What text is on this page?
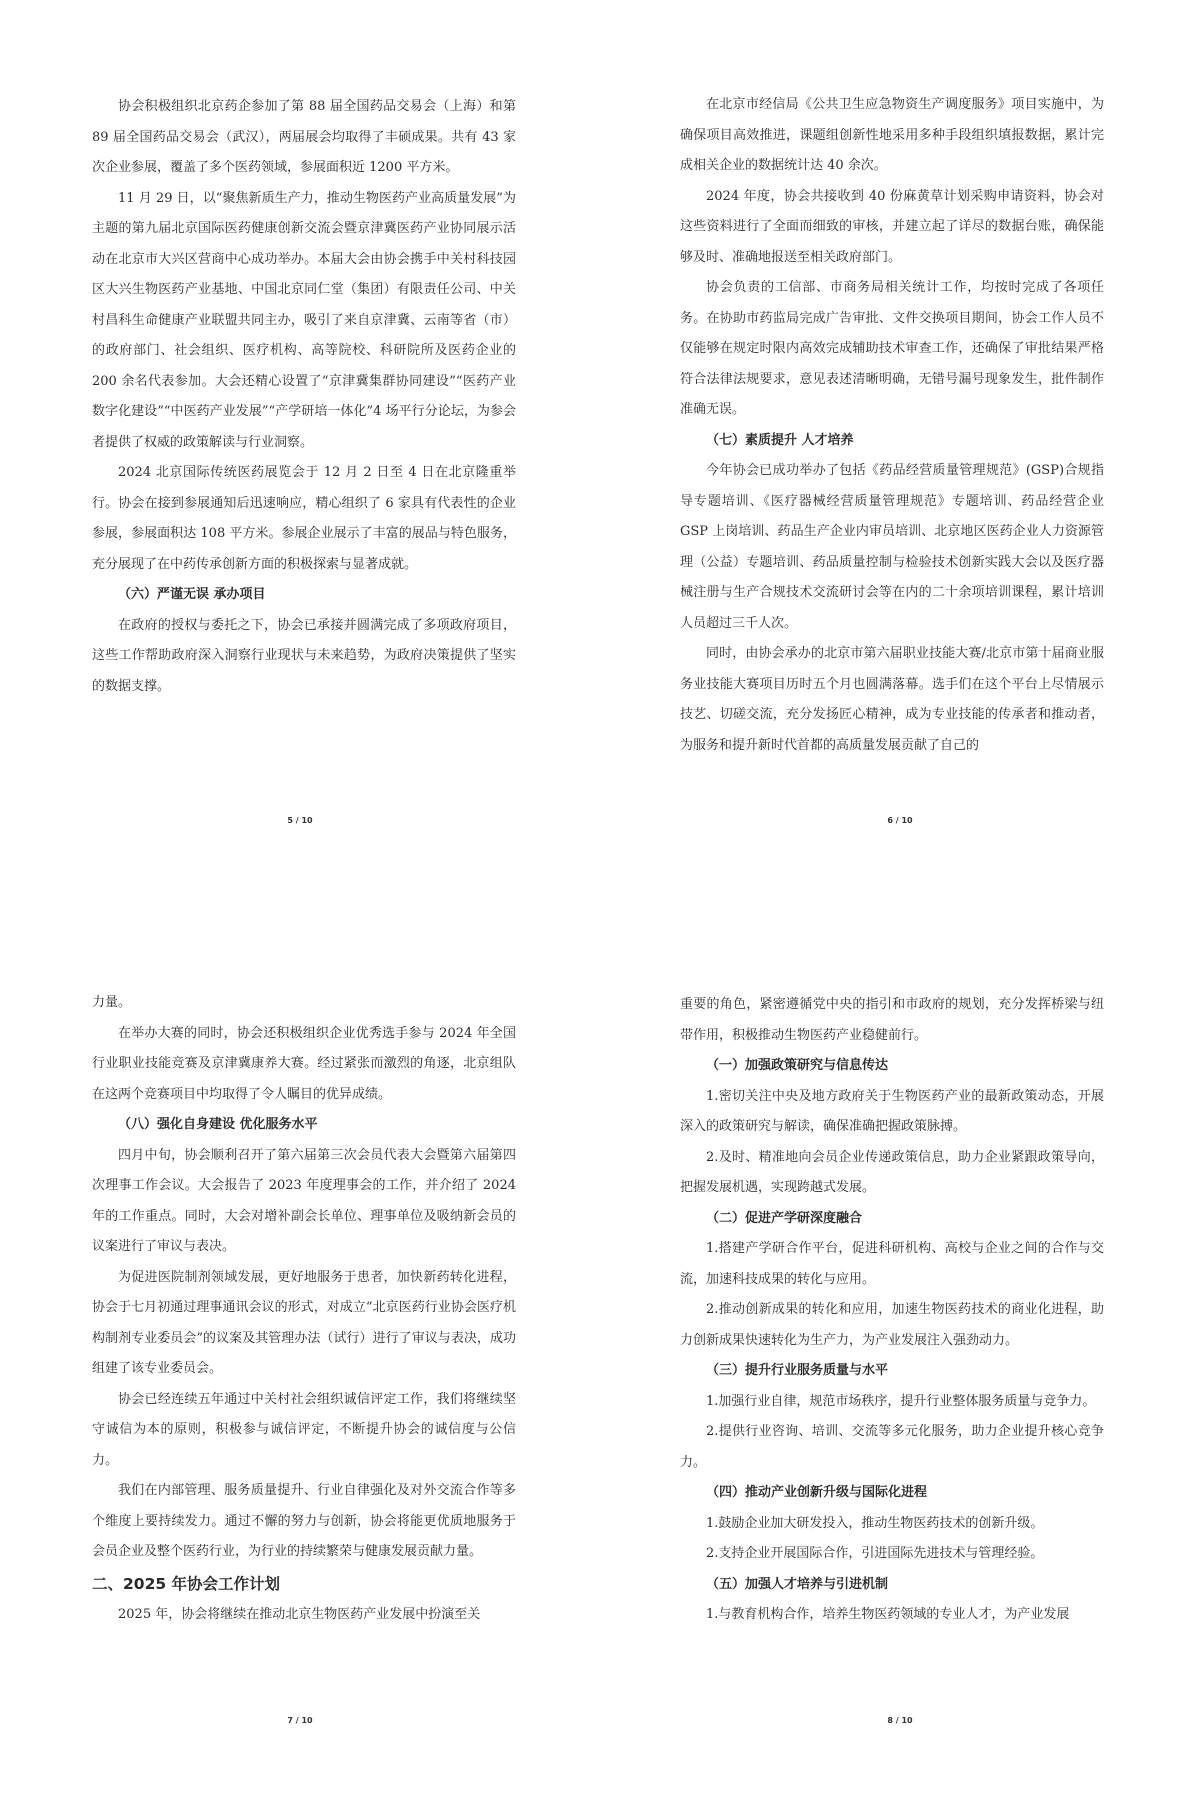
协会积极组织北京药企参加了第 88 届全国药品交易会（上海）和第 89 届全国药品交易会（武汉），两届展会均取得了丰硕成果。共有 43 家次企业参展，覆盖了多个医药领域，参展面积近 1200 平方米。

11 月 29 日，以“聚焦新质生产力，推动生物医药产业高质量发展”为主题的第九届北京国际医药健康创新交流会暨京津冀医药产业协同展示活动在北京市大兴区营商中心成功举办。本届大会由协会携手中关村科技园区大兴生物医药产业基地、中国北京同仁堂（集团）有限责任公司、中关村昌科生命健康产业联盟共同主办，吸引了来自京津冀、云南等省（市）的政府部门、社会组织、医疗机构、高等院校、科研院所及医药企业的 200 余名代表参加。大会还精心设置了“京津冀集群协同建设”“医药产业数字化建设”“中医药产业发展”“产学研培一体化”4 场平行分论坛，为参会者提供了权威的政策解读与行业洞察。

2024 北京国际传统医药展览会于 12 月 2 日至 4 日在北京隆重举行。协会在接到参展通知后迅速响应，精心组织了 6 家具有代表性的企业参展，参展面积达 108 平方米。参展企业展示了丰富的展品与特色服务，充分展现了在中药传承创新方面的积极探索与显著成就。

（六）严谨无误 承办项目

在政府的授权与委托之下，协会已承接并圆满完成了多项政府项目，这些工作帮助政府深入洞察行业现状与未来趋势，为政府决策提供了坚实的数据支撑。

5 / 10

在北京市经信局《公共卫生应急物资生产调度服务》项目实施中，为确保项目高效推进，课题组创新性地采用多种手段组织填报数据，累计完成相关企业的数据统计达 40 余次。

2024 年度，协会共接收到 40 份麻黄草计划采购申请资料，协会对这些资料进行了全面而细致的审核，并建立起了详尽的数据台账，确保能够及时、准确地报送至相关政府部门。

协会负责的工信部、市商务局相关统计工作，均按时完成了各项任务。在协助市药监局完成广告审批、文件交换项目期间，协会工作人员不仅能够在规定时限内高效完成辅助技术审查工作，还确保了审批结果严格符合法律法规要求，意见表述清晰明确，无错号漏号现象发生，批件制作准确无误。

（七）素质提升 人才培养

今年协会已成功举办了包括《药品经营质量管理规范》(GSP)合规指导专题培训、《医疗器械经营质量管理规范》专题培训、药品经营企业 GSP 上岗培训、药品生产企业内审员培训、北京地区医药企业人力资源管理（公益）专题培训、药品质量控制与检验技术创新实践大会以及医疗器械注册与生产合规技术交流研讨会等在内的二十余项培训课程，累计培训人员超过三千人次。

同时，由协会承办的北京市第六届职业技能大赛/北京市第十届商业服务业技能大赛项目历时五个月也圆满落幕。选手们在这个平台上尽情展示技艺、切磋交流，充分发扬匠心精神，成为专业技能的传承者和推动者，为服务和提升新时代首都的高质量发展贡献了自己的

6 / 10

力量。

在举办大赛的同时，协会还积极组织企业优秀选手参与 2024 年全国行业职业技能竞赛及京津冀康养大赛。经过紧张而激烈的角逐，北京组队在这两个竞赛项目中均取得了令人瞩目的优异成绩。

（八）强化自身建设 优化服务水平

四月中旬，协会顺利召开了第六届第三次会员代表大会暨第六届第四次理事工作会议。大会报告了 2023 年度理事会的工作，并介绍了 2024 年的工作重点。同时，大会对增补副会长单位、理事单位及吸纳新会员的议案进行了审议与表决。

为促进医院制剂领域发展，更好地服务于患者，加快新药转化进程，协会于七月初通过理事通讯会议的形式，对成立“北京医药行业协会医疗机构制剂专业委员会”的议案及其管理办法（试行）进行了审议与表决，成功组建了该专业委员会。

协会已经连续五年通过中关村社会组织诚信评定工作，我们将继续坚守诚信为本的原则，积极参与诚信评定，不断提升协会的诚信度与公信力。

我们在内部管理、服务质量提升、行业自律强化及对外交流合作等多个维度上要持续发力。通过不懈的努力与创新，协会将能更优质地服务于会员企业及整个医药行业，为行业的持续繁荣与健康发展贡献力量。

二、2025 年协会工作计划

2025 年，协会将继续在推动北京生物医药产业发展中扮演至关

7 / 10

重要的角色，紧密遵循党中央的指引和市政府的规划，充分发挥桥梁与纽带作用，积极推动生物医药产业稳健前行。

（一）加强政策研究与信息传达

1.密切关注中央及地方政府关于生物医药产业的最新政策动态，开展深入的政策研究与解读，确保准确把握政策脉搏。

2.及时、精准地向会员企业传递政策信息，助力企业紧跟政策导向，把握发展机遇，实现跨越式发展。

（二）促进产学研深度融合

1.搭建产学研合作平台，促进科研机构、高校与企业之间的合作与交流，加速科技成果的转化与应用。

2.推动创新成果的转化和应用，加速生物医药技术的商业化进程，助力创新成果快速转化为生产力，为产业发展注入强劲动力。

（三）提升行业服务质量与水平

1.加强行业自律，规范市场秩序，提升行业整体服务质量与竞争力。

2.提供行业咨询、培训、交流等多元化服务，助力企业提升核心竞争力。

（四）推动产业创新升级与国际化进程

1.鼓励企业加大研发投入，推动生物医药技术的创新升级。

2.支持企业开展国际合作，引进国际先进技术与管理经验。

（五）加强人才培养与引进机制

1.与教育机构合作，培养生物医药领域的专业人才，为产业发展

8 / 10
